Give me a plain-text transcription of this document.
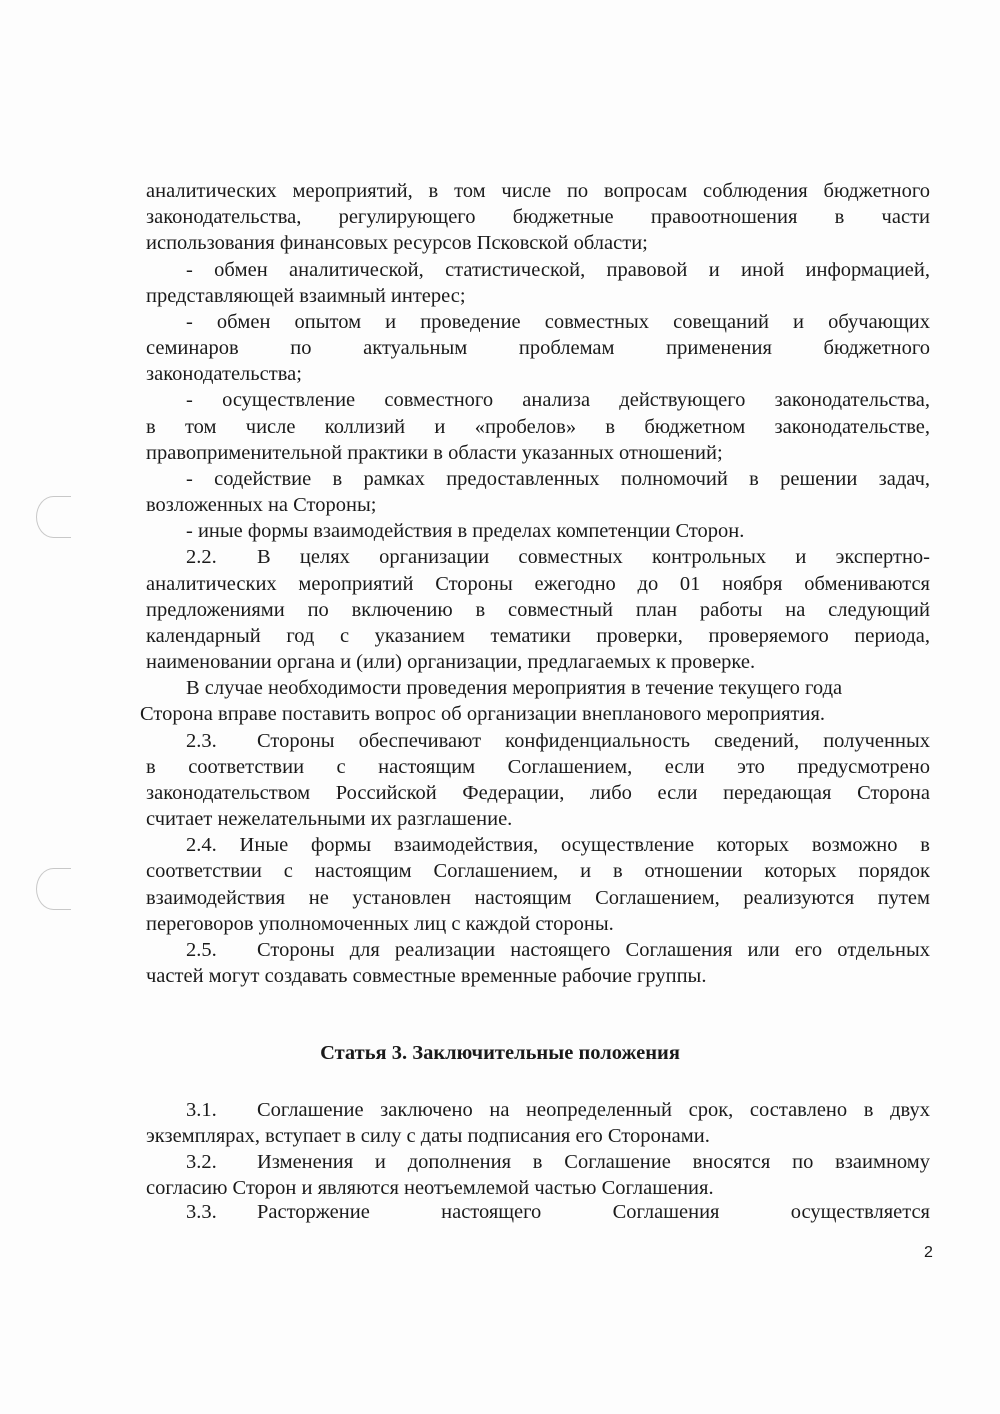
аналитических мероприятий, в том числе по вопросам соблюдения бюджетного
законодательства, регулирующего бюджетные правоотношения в части
использования финансовых ресурсов Псковской области;
- обмен аналитической, статистической, правовой и иной информацией,
представляющей взаимный интерес;
- обмен опытом и проведение совместных совещаний и обучающих
семинаров по актуальным проблемам применения бюджетного
законодательства;
- осуществление совместного анализа действующего законодательства,
в том числе коллизий и «пробелов» в бюджетном законодательстве,
правоприменительной практики в области указанных отношений;
- содействие в рамках предоставленных полномочий в решении задач,
возложенных на Стороны;
- иные формы взаимодействия в пределах компетенции Сторон.
2.2. В целях организации совместных контрольных и экспертно-
аналитических мероприятий Стороны ежегодно до 01 ноября обмениваются
предложениями по включению в совместный план работы на следующий
календарный год с указанием тематики проверки, проверяемого периода,
наименовании органа и (или) организации, предлагаемых к проверке.
В случае необходимости проведения мероприятия в течение текущего года
Сторона вправе поставить вопрос об организации внепланового мероприятия.
2.3. Стороны обеспечивают конфиденциальность сведений, полученных
в соответствии с настоящим Соглашением, если это предусмотрено
законодательством Российской Федерации, либо если передающая Сторона
считает нежелательными их разглашение.
2.4. Иные формы взаимодействия, осуществление которых возможно в
соответствии с настоящим Соглашением, и в отношении которых порядок
взаимодействия не установлен настоящим Соглашением, реализуются путем
переговоров уполномоченных лиц с каждой стороны.
2.5. Стороны для реализации настоящего Соглашения или его отдельных
частей могут создавать совместные временные рабочие группы.
Статья 3. Заключительные положения
3.1. Соглашение заключено на неопределенный срок, составлено в двух
экземплярах, вступает в силу с даты подписания его Сторонами.
3.2. Изменения и дополнения в Соглашение вносятся по взаимному
согласию Сторон и являются неотъемлемой частью Соглашения.
3.3. Расторжение настоящего Соглашения осуществляется
2
